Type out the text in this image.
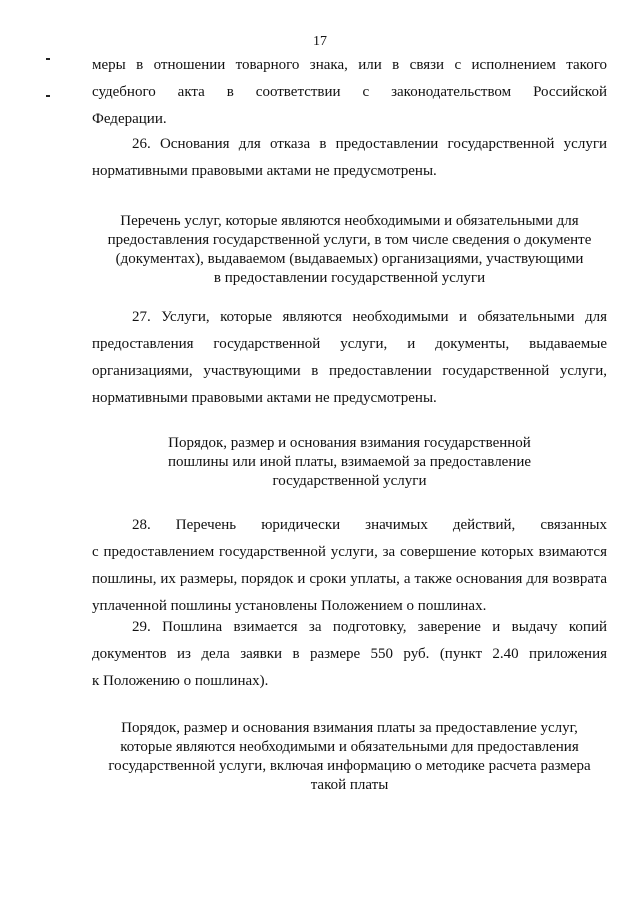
17

меры в отношении товарного знака, или в связи с исполнением такого
судебного акта в соответствии с законодательством Российской
Федерации.

26. Основания для отказа в предоставлении государственной услуги
нормативными правовыми актами не предусмотрены.

Перечень услуг, которые являются необходимыми и обязательными для
предоставления государственной услуги, в том числе сведения о документе
(документах), выдаваемом (выдаваемых) организациями, участвующими
в предоставлении государственной услуги

27. Услуги, которые являются необходимыми и обязательными для
предоставления государственной услуги, и документы, выдаваемые
организациями, участвующими в предоставлении государственной услуги,
нормативными правовыми актами не предусмотрены.

Порядок, размер и основания взимания государственной
пошлины или иной платы, взимаемой за предоставление
государственной услуги

28. Перечень юридически значимых действий, связанных
с предоставлением государственной услуги, за совершение которых взимаются
пошлины, их размеры, порядок и сроки уплаты, а также основания для возврата
уплаченной пошлины установлены Положением о пошлинах.

29. Пошлина взимается за подготовку, заверение и выдачу копий
документов из дела заявки в размере 550 руб. (пункт 2.40 приложения
к Положению о пошлинах).

Порядок, размер и основания взимания платы за предоставление услуг,
которые являются необходимыми и обязательными для предоставления
государственной услуги, включая информацию о методике расчета размера
такой платы
